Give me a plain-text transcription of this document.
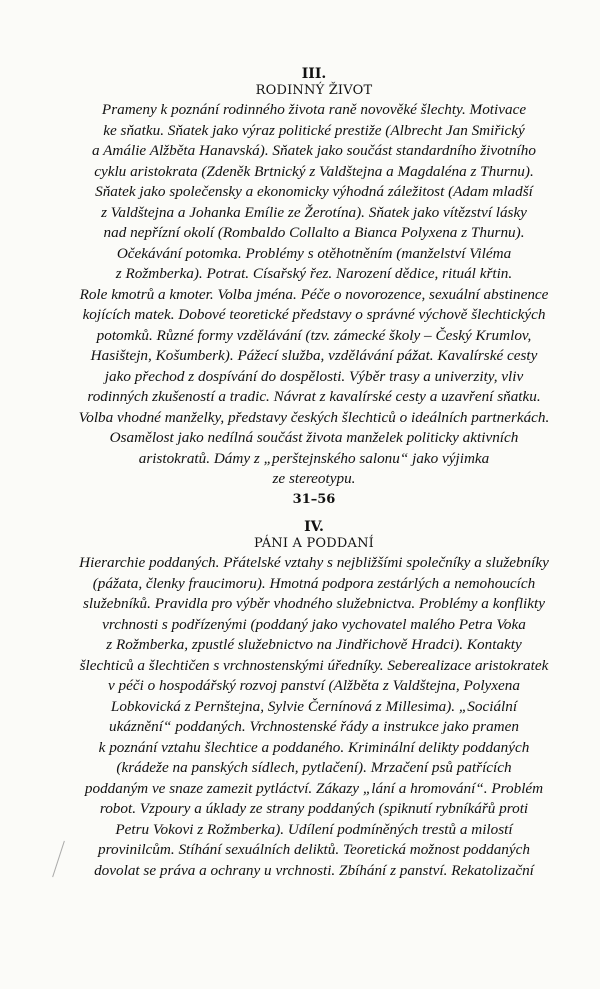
III.
RODINNÝ ŽIVOT
Prameny k poznání rodinného života raně novověké šlechty. Motivace
ke sňatku. Sňatek jako výraz politické prestiže (Albrecht Jan Smiřický
a Amálie Alžběta Hanavská). Sňatek jako součást standardního životního
cyklu aristokrata (Zdeněk Brtnický z Valdštejna a Magdaléna z Thurnu).
Sňatek jako společensky a ekonomicky výhodná záležitost (Adam mladší
z Valdštejna a Johanka Emílie ze Žerotína). Sňatek jako vítězství lásky
nad nepřízní okolí (Rombaldo Collalto a Bianca Polyxena z Thurnu).
Očekávání potomka. Problémy s otěhotněním (manželství Viléma
z Rožmberka). Potrat. Císařský řez. Narození dědice, rituál křtin.
Role kmotrů a kmoter. Volba jména. Péče o novorozence, sexuální abstinence
kojících matek. Dobové teoretické představy o správné výchově šlechtických
potomků. Různé formy vzdělávání (tzv. zámecké školy – Český Krumlov,
Hasištejn, Košumberk). Pážecí služba, vzdělávání pážat. Kavalírské cesty
jako přechod z dospívání do dospělosti. Výběr trasy a univerzity, vliv
rodinných zkušeností a tradic. Návrat z kavalírské cesty a uzavření sňatku.
Volba vhodné manželky, představy českých šlechticů o ideálních partnerkách.
Osamělost jako nedílná součást života manželek politicky aktivních
aristokratů. Dámy z „perštejnského salonu“ jako výjimka
ze stereotypu.
31–56
IV.
PÁNI A PODDANÍ
Hierarchie poddaných. Přátelské vztahy s nejbližšími společníky a služebníky
(pážata, členky fraucimoru). Hmotná podpora zestárlých a nemohoucích
služebníků. Pravidla pro výběr vhodného služebnictva. Problémy a konflikty
vrchnosti s podřízenými (poddaný jako vychovatel malého Petra Voka
z Rožmberka, zpustlé služebnictvo na Jindřichově Hradci). Kontakty
šlechticů a šlechtičen s vrchnostenskými úředníky. Seberealizace aristokratek
v péči o hospodářský rozvoj panství (Alžběta z Valdštejna, Polyxena
Lobkovická z Pernštejna, Sylvie Černínová z Millesima). „Sociální
ukáznění“ poddaných. Vrchnostenské řády a instrukce jako pramen
k poznání vztahu šlechtice a poddaného. Kriminální delikty poddaných
(krádeže na panských sídlech, pytlačení). Mrzačení psů patřících
poddaným ve snaze zamezit pytláctví. Zákazy „lání a hromování“. Problém
robot. Vzpoury a úklady ze strany poddaných (spiknutí rybníkářů proti
Petru Vokovi z Rožmberka). Udílení podmíněných trestů a milostí
provinilcům. Stíhání sexuálních deliktů. Teoretická možnost poddaných
dovolat se práva a ochrany u vrchnosti. Zbíhání z panství. Rekatolizační
